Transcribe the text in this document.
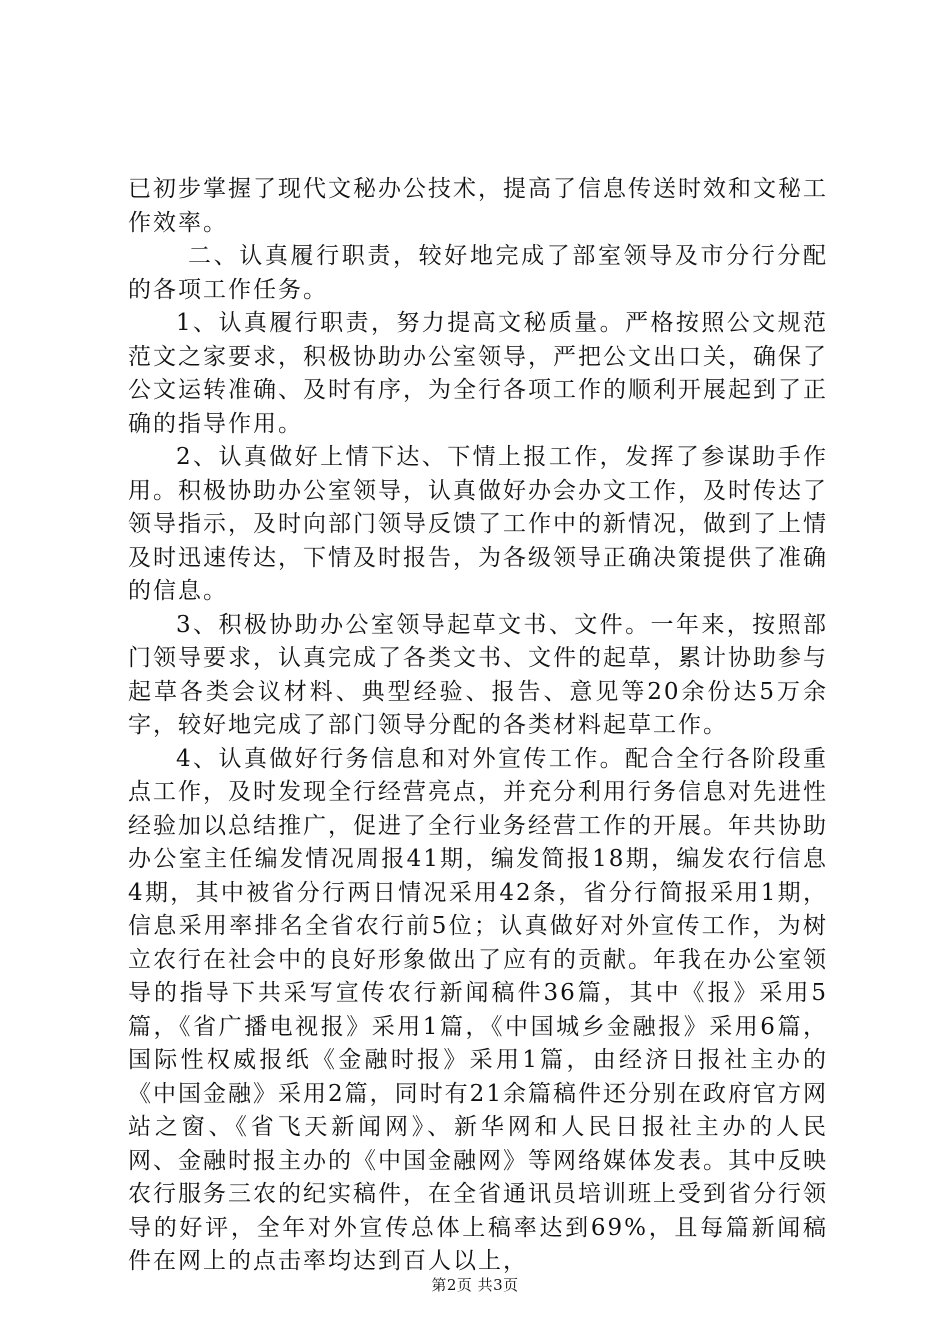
已初步掌握了现代文秘办公技术，提高了信息传送时效和文秘工作效率。

二、认真履行职责，较好地完成了部室领导及市分行分配的各项工作任务。

1、认真履行职责，努力提高文秘质量。严格按照公文规范范文之家要求，积极协助办公室领导，严把公文出口关，确保了公文运转准确、及时有序，为全行各项工作的顺利开展起到了正确的指导作用。

2、认真做好上情下达、下情上报工作，发挥了参谋助手作用。积极协助办公室领导，认真做好办会办文工作，及时传达了领导指示，及时向部门领导反馈了工作中的新情况，做到了上情及时迅速传达，下情及时报告，为各级领导正确决策提供了准确的信息。

3、积极协助办公室领导起草文书、文件。一年来，按照部门领导要求，认真完成了各类文书、文件的起草，累计协助参与起草各类会议材料、典型经验、报告、意见等20余份达5万余字，较好地完成了部门领导分配的各类材料起草工作。

4、认真做好行务信息和对外宣传工作。配合全行各阶段重点工作，及时发现全行经营亮点，并充分利用行务信息对先进性经验加以总结推广，促进了全行业务经营工作的开展。年共协助办公室主任编发情况周报41期，编发简报18期，编发农行信息4期，其中被省分行两日情况采用42条，省分行简报采用1期，信息采用率排名全省农行前5位；认真做好对外宣传工作，为树立农行在社会中的良好形象做出了应有的贡献。年我在办公室领导的指导下共采写宣传农行新闻稿件36篇，其中《报》采用5篇，《省广播电视报》采用1篇，《中国城乡金融报》采用6篇，国际性权威报纸《金融时报》采用1篇，由经济日报社主办的《中国金融》采用2篇，同时有21余篇稿件还分别在政府官方网站之窗、《省飞天新闻网》、新华网和人民日报社主办的人民网、金融时报主办的《中国金融网》等网络媒体发表。其中反映农行服务三农的纪实稿件，在全省通讯员培训班上受到省分行领导的好评，全年对外宣传总体上稿率达到69%，且每篇新闻稿件在网上的点击率均达到百人以上，

第2页 共3页
